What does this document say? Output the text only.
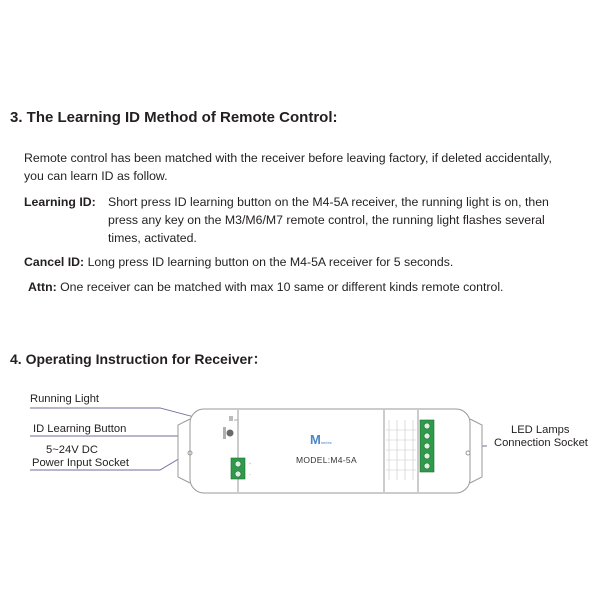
3. The Learning ID Method of Remote Control:
Remote control has been matched with the receiver before leaving factory, if deleted accidentally,
you can learn ID as follow.
Learning ID: Short press ID learning button on the M4-5A receiver, the running light is on, then
press any key on the M3/M6/M7 remote control, the running light flashes several
times, activated.
Cancel ID: Long press ID learning button on the M4-5A receiver for 5 seconds.
Attn: One receiver can be matched with max 10 same or different kinds remote control.
4. Operating Instruction for Receiver：
Running Light
ID Learning Button
5~24V DC
Power Input Socket
LED Lamps
Connection Socket
ON
+
−
M series
MODEL:M4-5A
